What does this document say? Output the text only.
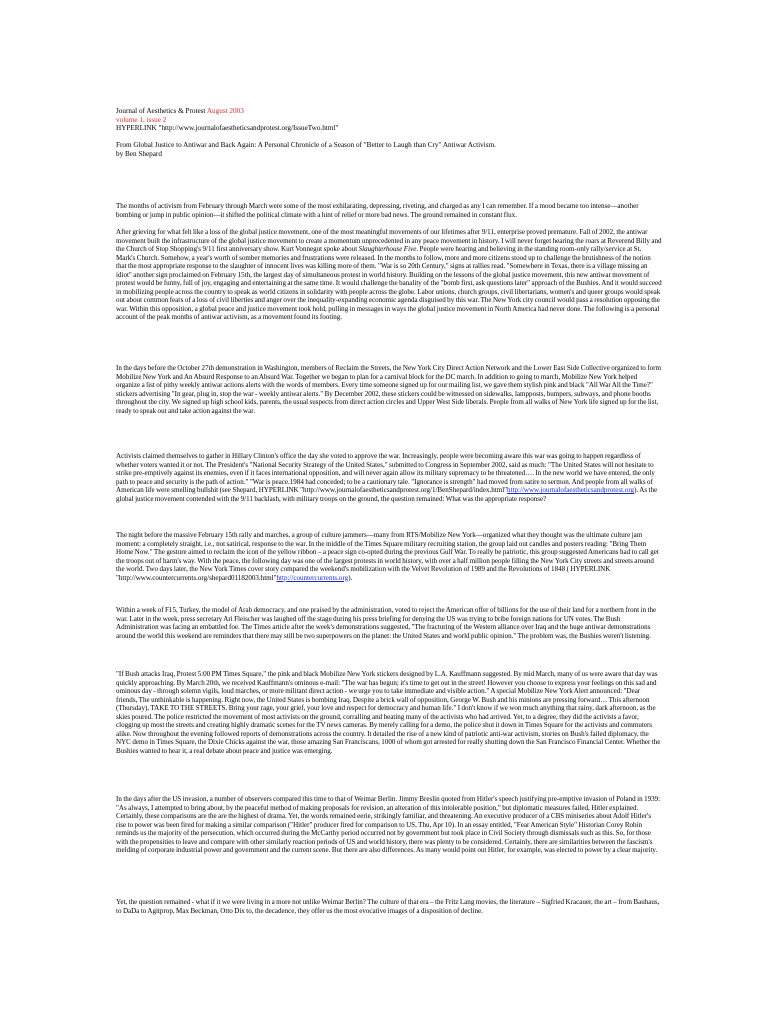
Journal of Aesthetics & Protest August 2003
volume 1, issue 2
HYPERLINK "http://www.journalofaestheticsandprotest.org/IssueTwo.html"
From Global Justice to Antiwar and Back Again: A Personal Chronicle of a Season of "Better to Laugh than Cry" Antiwar Activism.
by Ben Shepard

The months of activism from February through March were some of the most exhilarating, depressing, riveting, and charged as any I can remember. If a mood became too intense—another bombing or jump in public opinion—it shifted the political climate with a hint of relief or more bad news. The ground remained in constant flux.

After grieving for what felt like a loss of the global justice movement, one of the most meaningful movements of our lifetimes after 9/11, enterprise proved premature. Fall of 2002, the antiwar movement built the infrastructure of the global justice movement to create a momentum unprecedented in any peace movement in history. I will never forget hearing the roars at Reverend Billy and the Church of Stop Shopping's 9/11 first anniversary show. Kurt Vonnegut spoke about Slaughterhouse Five. People were hearing and believing in the standing room-only rally/service at St. Mark's Church. Somehow, a year's worth of somber memories and frustrations were released. In the months to follow, more and more citizens stood up to challenge the brutishness of the notion that the most appropriate response to the slaughter of innocent lives was killing more of them. "War is so 20th Century," signs at rallies read. "Somewhere in Texas, there is a village missing an idiot" another sign proclaimed on February 15th, the largest day of simultaneous protest in world history. Building on the lessons of the global justice movement, this new antiwar movement of protest would be funny, full of joy, engaging and entertaining at the same time. It would challenge the banality of the "bomb first, ask questions later" approach of the Bushies. And it would succeed in mobilizing people across the country to speak as world citizens in solidarity with people across the globe. Labor unions, church groups, civil libertarians, women's and queer groups would speak out about common fears of a loss of civil liberties and anger over the inequality-expanding economic agenda disguised by this war. The New York city council would pass a resolution opposing the war. Within this opposition, a global peace and justice movement took hold, pulling in messages in ways the global justice movement in North America had never done. The following is a personal account of the peak months of antiwar activism, as a movement found its footing.

In the days before the October 27th demonstration in Washington, members of Reclaim the Streets, the New York City Direct Action Network and the Lower East Side Collective organized to form Mobilize New York and An Absurd Response to an Absurd War. Together we began to plan for a carnival block for the DC march. In addition to going to march, Mobilize New York helped organize a list of pithy weekly antiwar actions alerts with the words of members. Every time someone signed up for our mailing list, we gave them stylish pink and black "All War All the Time?" stickers advertising "In gear, plug in, stop the war - weekly antiwar alerts." By December 2002, these stickers could be witnessed on sidewalks, lampposts, bumpers, subways, and phone booths throughout the city. We signed up high school kids, parents, the usual suspects from direct action circles and Upper West Side liberals. People from all walks of New York life signed up for the list, ready to speak out and take action against the war.

Activists claimed themselves to gather in Hillary Clinton's office the day she voted to approve the war. Increasingly, people were becoming aware this war was going to happen regardless of whether voters wanted it or not. The President's "National Security Strategy of the United States," submitted to Congress in September 2002, said as much: "The United States will not hesitate to strike pre-emptively against its enemies, even if it faces international opposition, and will never again allow its military supremacy to be threatened…. In the new world we have entered, the only path to peace and security is the path of action." "War is peace.1984 had conceded; to be a cautionary tale. "Ignorance is strength" had moved from satire to sermon. And people from all walks of American life were smelling bullshit (see Shepard, HYPERLINK "http://www.journalofaestheticsandprotest.org/1/BenShepard/index.html"http://www.journalofaestheticsandprotest.org). As the global justice movement contended with the 9/11 backlash, with military troops on the ground, the question remained: What was the appropriate response?

The night before the massive February 15th rally and marches, a group of culture jammers—many from RTS/Mobilize New York—organized what they thought was the ultimate culture jam moment: a completely straight, i.e., not satirical, response to the war. In the middle of the Times Square military recruiting station, the group laid out candles and posters reading: "Bring Them Home Now." The gesture aimed to reclaim the icon of the yellow ribbon – a peace sign co-opted during the previous Gulf War. To really be patriotic, this group suggested Americans had to call get the troops out of harm's way. With the peace, the following day was one of the largest protests in world history, with over a half million people filling the New York City streets and streets around the world. Two days later, the New York Times cover story compared the weekend's mobilization with the Velvet Revolution of 1989 and the Revolutions of 1848 ( HYPERLINK "http://www.countercurrents.org/shepard01182003.html"http://countercurrents.org).

Within a week of F15, Turkey, the model of Arab democracy, and one praised by the administration, voted to reject the American offer of billions for the use of their land for a northern front in the war. Later in the week, press secretary Ari Fleischer was laughed off the stage during his press briefing for denying the US was trying to bribe foreign nations for UN votes. The Bush Administration was facing an embattled foe. The Times article after the week's demonstrations suggested, "The fracturing of the Western alliance over Iraq and the huge antiwar demonstrations around the world this weekend are reminders that there may still be two superpowers on the planet: the United States and world public opinion." The problem was, the Bushies weren't listening.

"If Bush attacks Iraq, Protest 5:00 PM Times Square," the pink and black Mobilize New York stickers designed by L.A. Kauffmann suggested. By mid March, many of us were aware that day was quickly approaching. By March 20th, we received Kauffmann's ominous e-mail: "The war has begun; it's time to get out in the street! However you choose to express your feelings on this sad and ominous day - through solemn vigils, loud marches, or more militant direct action - we urge you to take immediate and visible action." A special Mobilize New York Alert announced: "Dear friends, The unthinkable is happening. Right now, the United States is bombing Iraq. Despite a brick wall of opposition, George W. Bush and his minions are pressing forward… This afternoon (Thursday), TAKE TO THE STREETS. Bring your rage, your grief, your love and respect for democracy and human life." I don't know if we won much anything that rainy, dark afternoon, as the skies poured. The police restricted the movement of most activists on the ground, corralling and beating many of the activists who had arrived. Yet, to a degree, they did the activists a favor, clogging up most the streets and creating highly dramatic scenes for the TV news cameras. By merely calling for a demo, the police shut it down in Times Square for the activists and commuters alike. Now throughout the evening followed reports of demonstrations across the country. It detailed the rise of a new kind of patriotic anti-war activism, stories on Bush's failed diplomacy, the NYC demo in Times Square, the Dixie Chicks against the war, those amazing San Franciscans, 1000 of whom got arrested for really shutting down the San Francisco Financial Center. Whether the Bushies wanted to hear it, a real debate about peace and justice was emerging.

In the days after the US invasion, a number of observers compared this time to that of Weimar Berlin. Jimmy Breslin quoted from Hitler's speech justifying pre-emptive invasion of Poland in 1939: "As always, I attempted to bring about, by the peaceful method of making proposals for revision, an alteration of this intolerable position," but diplomatic measures failed, Hitler explained. Certainly, these comparisons are the are the highest of drama. Yet, the words remained eerie, strikingly familiar, and threatening. An executive producer of a CBS miniseries about Adolf Hitler's rise to power was been fired for making a similar comparison ("Hitler" producer fired for comparison to US, Thu, Apr 10). In an essay entitled, "Fear American Style" Historian Corey Robin reminds us the majority of the persecution, which occurred during the McCarthy period occurred not by government but took place in Civil Society through dismissals such as this. So, for those with the propensities to leave and compare with other similarly reaction periods of US and world history, there was plenty to be considered. Certainly, there are similarities between the fascism's melding of corporate industrial power and government and the current scene. But there are also differences. As many would point out Hitler, for example, was elected to power by a clear majority.

Yet, the question remained - what if it we were living in a more not unlike Weimar Berlin? The culture of that era – the Fritz Lang movies, the literature – Sigfried Kracauer, the art – from Bauhaus, to DaDa to Agitprop, Max Beckman, Otto Dix to, the decadence, they offer us the most evocative images of a disposition of decline.
